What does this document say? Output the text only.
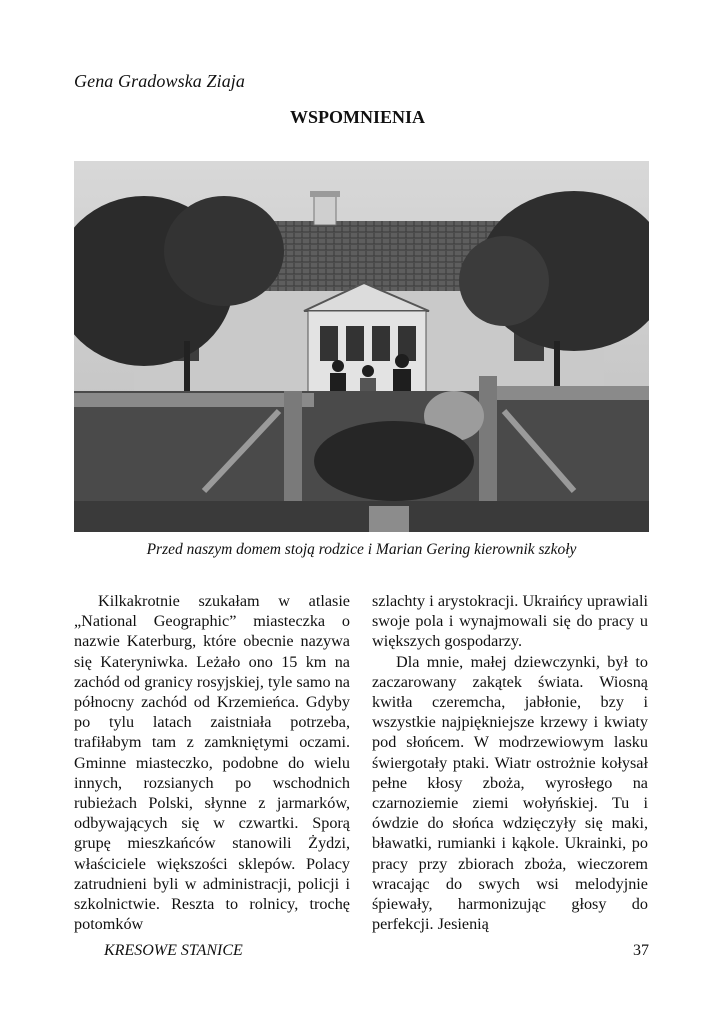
Gena Gradowska Ziaja
WSPOMNIENIA
Przed naszym domem stoją rodzice i Marian Gering kierownik szkoły

Kilkakrotnie szukałam w atlasie „National Geographic” miasteczka o nazwie Katerburg, które obecnie nazywa się Kateryniwka. Leżało ono 15 km na zachód od granicy rosyjskiej, tyle samo na północny zachód od Krzemieńca. Gdyby po tylu latach zaistniała potrzeba, trafiłabym tam z zamkniętymi oczami. Gminne miasteczko, podobne do wielu innych, rozsianych po wschodnich rubieżach Polski, słynne z jarmarków, odbywających się w czwartki. Sporą grupę mieszkańców stanowili Żydzi, właściciele większości sklepów. Polacy zatrudnieni byli w administracji, policji i szkolnictwie. Reszta to rolnicy, trochę potomków

szlachty i arystokracji. Ukraińcy uprawiali swoje pola i wynajmowali się do pracy u większych gospodarzy.

Dla mnie, małej dziewczynki, był to zaczarowany zakątek świata. Wiosną kwitła czeremcha, jabłonie, bzy i wszystkie najpiękniejsze krzewy i kwiaty pod słońcem. W modrzewiowym lasku świergotały ptaki. Wiatr ostrożnie kołysał pełne kłosy zboża, wyrosłego na czarnoziemie ziemi wołyńskiej. Tu i ówdzie do słońca wdzięczyły się maki, bławatki, rumianki i kąkole. Ukrainki, po pracy przy zbiorach zboża, wieczorem wracając do swych wsi melodyjnie śpiewały, harmonizując głosy do perfekcji. Jesienią

KRESOWE STANICE	37
